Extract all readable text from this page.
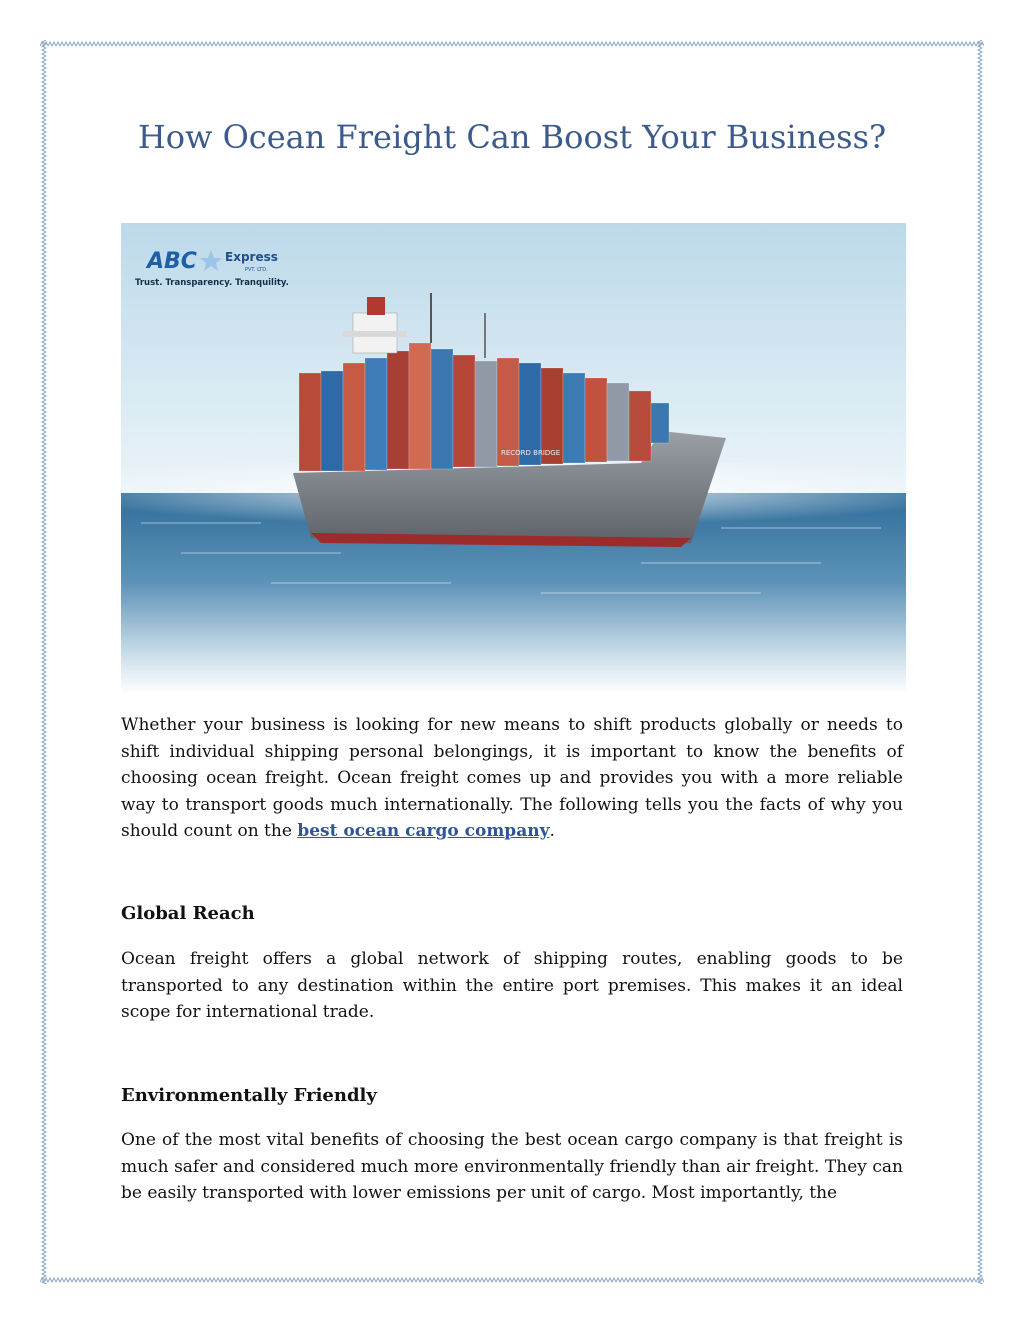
How Ocean Freight Can Boost Your Business?
RECORD BRIDGE
ABC Express
PVT. LTD.
Trust. Transparency. Tranquility.

Whether your business is looking for new means to shift products globally or needs to shift individual shipping personal belongings, it is important to know the benefits of choosing ocean freight. Ocean freight comes up and provides you with a more reliable way to transport goods much internationally. The following tells you the facts of why you should count on the best ocean cargo company.

Global Reach

Ocean freight offers a global network of shipping routes, enabling goods to be transported to any destination within the entire port premises. This makes it an ideal scope for international trade.

Environmentally Friendly

One of the most vital benefits of choosing the best ocean cargo company is that freight is much safer and considered much more environmentally friendly than air freight. They can be easily transported with lower emissions per unit of cargo. Most importantly, the
